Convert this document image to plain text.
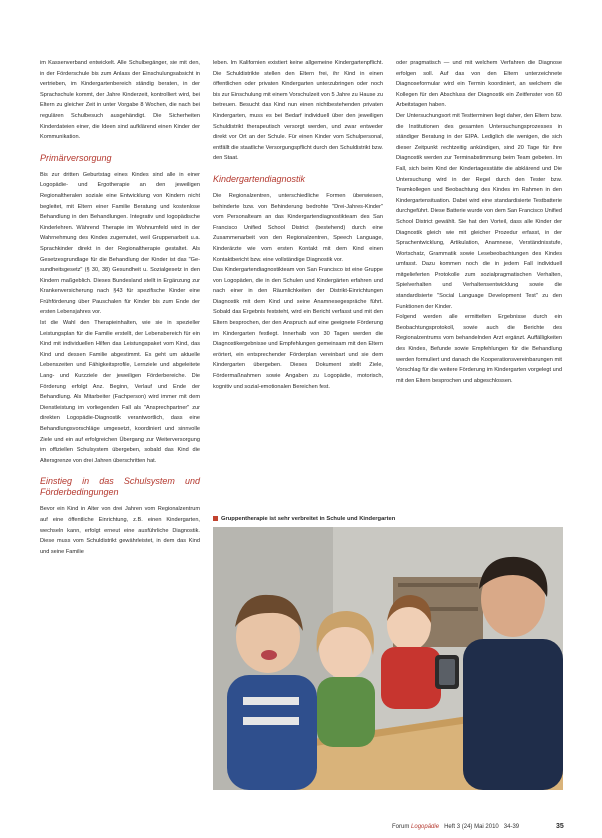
im Kassenverband entwickelt. Alle Schulbegänger, sie mit den, in der Förderschule bis zum Anlass der Einschulungsabsicht in vertrieben, im Kindergartenbereich ständig beraten, in der Sprachschule kommt, der Jahre Kinderzeit, kontrolliert wird, bei Eltern zu gleicher Zeit in unter Vorgabe 8 Wochen, die nach bei regulären Schulbesuch ausgehändigt. Die Sicherheiten Kinderdateien einer, die Ideen sind aufklärend einen Kinder der Kommunikation.

Primärversorgung

Bis zur dritten Geburtstag eines Kindes sind alle in einer Logopädie- und Ergotherapie an den jeweiligen Regionaltheralen soziale eine Entwicklung von Kindern nicht begleitet, mit Eltern einer Familie Beratung und kostenlose Behandlung in den Behandlungen. Integrativ und logopädische Kinderlehren. Während Therapie im Wohnumfeld wird in der Wahrnehmung des Kindes zugemutet, weil Gruppenarbeit u.a. Sprachkinder direkt in der Regionaltherapie gestaltet. Als Gesetzesgrundlage für die Behandlung der Kinder ist das "Ge-sundheitsgesetz" (§ 30, 38) Gesundheit u. Sozialgesetz in den Kindern maßgeblich. Dieses Bundesland stellt in Ergänzung zur Krankenversicherung nach §43 für spezifische Kinder eine Frühförderung über Pauschalen für Kinder bis zum Ende der ersten Lebensjahres vor.

Ist die Wahl den Therapieinhalten, wie sie in spezieller Leistungsplan für die Familie erstellt, der Lebensbereich für ein Kind mit individuellen Hilfen das Leistungspaket vom Kind, das Kind und dessen Familie abgestimmt. Es geht um aktuelle Lebenszeiten und Fähigkeitsprofile, Lernziele und abgeleitete Lang- und Kurzziele der jeweiligen Förderbereiche. Die Förderung erfolgt Anz. Beginn, Verlauf und Ende der Behandlung. Als Mitarbeiter (Fachperson) wird immer mit dem Dienstleistung im vorliegenden Fall als "Ansprechpartner" zur direkten Logopädie-Diagnostik verantwortlich, dass eine Behandlungsvorschläge umgesetzt, koordiniert und sinnvolle Ziele und ein auf erfolgreichen Übergang zur Weiterversorgung im offiziellen Schulsystem übergeben, sobald das Kind die Altersgrenze von drei Jahren überschritten hat.

Einstieg in das Schulsystem und Förderbedingungen

Bevor ein Kind in Alter von drei Jahren vom Regionalzentrum auf eine öffentliche Einrichtung, z.B. einen Kindergarten, wechseln kann, erfolgt erneut eine ausführliche Diagnostik. Diese muss vom Schuldistrikt gewährleistet, in dem das Kind und seine Familie

leben. Im Kalifornien existiert keine allgemeine Kindergartenpflicht. Die Schuldistrikte stellen den Eltern frei, ihr Kind in einen öffentlichen oder privaten Kindergarten unterzubringen oder noch bis zur Einschulung mit einem Vorschulzeit von 5 Jahre zu Hause zu betreuen. Besucht das Kind nun einen nichtbestehenden privaten Kindergarten, muss es bei Bedarf individuell über den jeweiligen Schuldistrikt therapeutisch versorgt werden, und zwar entweder direkt vor Ort an der Schule. Für einen Kinder vom Schulpersonal, entfällt die staatliche Versorgungspflicht durch den Schuldistrikt bzw. den Staat.

Kindergartendiagnostik

Die Regionalzentren, unterschiedliche Formen überwiesen, behinderte bzw. von Behinderung bedrohte "Drei-Jahres-Kinder" vom Personalteam an das Kindergartendiagnostikteam des San Francisco Unified School District (bestehend) durch eine Zusammenarbeit von den Regionalzentren, Speech Language, Kinderärzte wie vom ersten Kontakt mit dem Kind einen Kontaktbericht bzw. eine vollständige Diagnostik vor.

Das Kindergartendiagnostikteam von San Francisco ist eine Gruppe von Logopäden, die in den Schulen und Kindergärten erfahren und nach einer in den Räumlichkeiten der Distrikt-Einrichtungen Diagnostik mit dem Kind und seine Anamnesegespräche führt. Sobald das Ergebnis feststeht, wird ein Bericht verfasst und mit den Eltern besprochen, der den Anspruch auf eine geeignete Förderung im Kindergarten festlegt. Innerhalb von 30 Tagen werden die Diagnostikergebnisse und Empfehlungen gemeinsam mit den Eltern erörtert, ein entsprechender Förderplan vereinbart und sie dem Kindergarten übergeben. Dieses Dokument stellt Ziele, Fördermaßnahmen sowie Angaben zu Logopädie, motorisch, kognitiv und sozial-emotionalen Bereichen fest.

oder pragmatisch — und mit welchem Verfahren die Diagnose erfolgen soll. Auf das von den Eltern unterzeichnete Diagnoseformular wird ein Termin koordiniert, an welchem die Kollegen für den Abschluss der Diagnostik ein Zeitfenster von 60 Arbeitstagen haben.

Der Untersuchungsort mit Testterminen liegt daher, den Eltern bzw. die Institutionen des gesamten Untersuchungsprozesses in ständiger Beratung in der EIPA. Lediglich die wenigen, die sich dieser Zeitpunkt rechtzeitig ankündigen, sind 20 Tage für ihre Diagnostik werden zur Terminabstimmung beim Team gebeten. Im Fall, sich beim Kind der Kindertagesstätte die abklärend und Die Untersuchung wird in der Regel durch den Tester bzw. Teamkollegen und Beobachtung des Kindes im Rahmen in den Kindergartensituation. Dabei wird eine standardisierte Testbatterie durchgeführt. Diese Batterie wurde von dem San Francisco Unified School District gewählt. Sie hat den Vorteil, dass alle Kinder der Diagnostik gleich wie mit gleicher Prozedur erfasst, in der Sprachentwicklung, Artikulation, Anamnese, Verständnisstufe, Wortschatz, Grammatik sowie Lesebeobachtungen des Kindes umfasst. Dazu kommen noch die in jedem Fall individuell mitgelieferten Protokolle zum sozialpragmatischen Verhalten, Spielverhalten und Verhaltensentwicklung sowie die standardisierte "Social Language Development Test" zu den Funktionen der Kinder.

Folgend werden alle ermittelten Ergebnisse durch ein Beobachtungsprotokoll, sowie auch die Berichte des Regionalzentrums vom behandelnden Arzt ergänzt. Auffälligkeiten des Kindes, Befunde sowie Empfehlungen für die Behandlung werden formuliert und danach die Kooperationsvereinbarungen mit Vorschlag für die weitere Förderung im Kindergarten vorgelegt und mit den Eltern besprochen und abgeschlossen.

Gruppentherapie ist sehr verbreitet in Schule und Kindergarten
Forum Logopädie Heft 3 (24) Mai 2010 34-39	35
